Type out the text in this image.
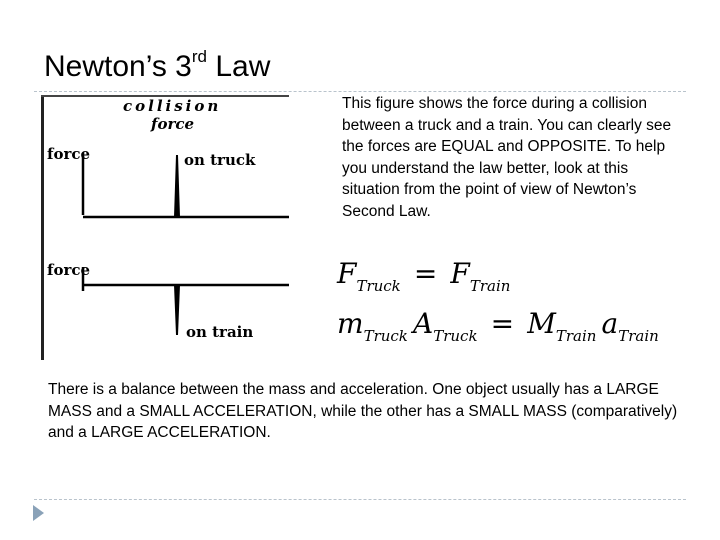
Newton’s 3rd Law
collision
force
force	on truck
force
on train
This figure shows the force during a collision between a truck and a train. You can clearly see the forces are EQUAL and OPPOSITE. To help you understand the law better, look at this situation from the point of view of Newton’s Second Law.
FTruck = FTrain
mTruck ATruck = MTrain aTrain
There is a balance between the mass and acceleration. One object usually has a LARGE MASS and a SMALL ACCELERATION, while the other has a SMALL MASS (comparatively) and a LARGE ACCELERATION.
